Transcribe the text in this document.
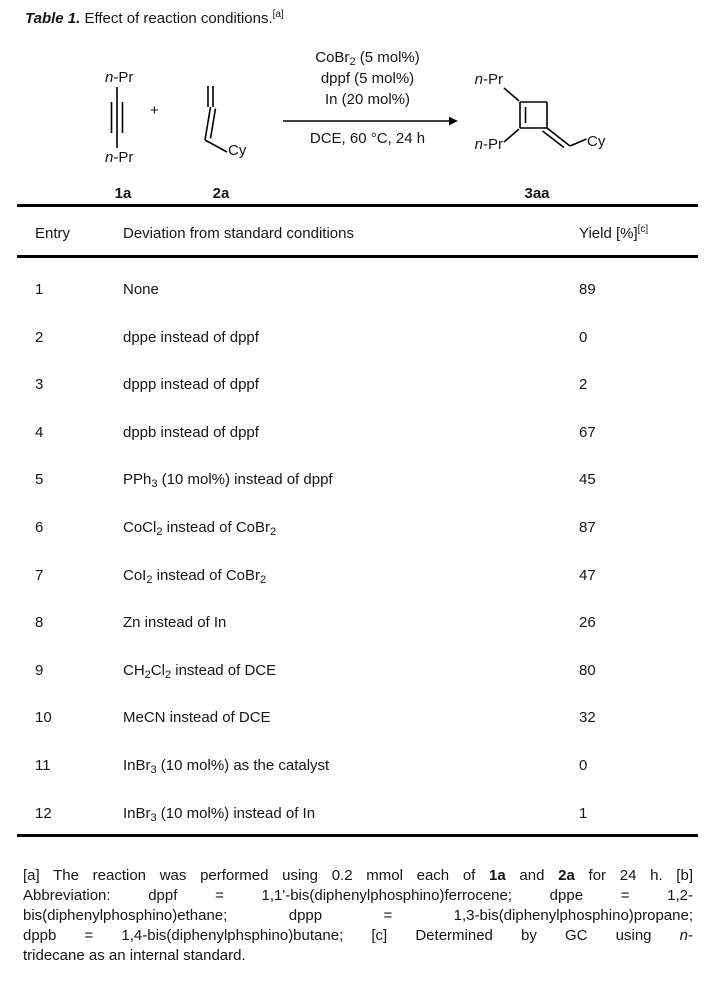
Table 1. Effect of reaction conditions.[a]
n-Pr
n-Pr
1a
+
Cy
2a
CoBr$_2$ (5 mol%)
dppf (5 mol%)
In (20 mol%)
DCE, 60 °C, 24 h
n-Pr
n-Pr	Cy
3aa
Entry	Deviation from standard conditions	Yield [%][c]
1	None	89
2	dppe instead of dppf	0
3	dppp instead of dppf	2
4	dppb instead of dppf	67
5	PPh$_3$ (10 mol%) instead of dppf	45
6	CoCl$_2$ instead of CoBr$_2$	87
7	CoI$_2$ instead of CoBr$_2$	47
8	Zn instead of In	26
9	$CH_2Cl_2$ instead of DCE	80
10	MeCN instead of DCE	32
11	InBr$_3$ (10 mol%) as the catalyst	0
12	InBr$_3$ (10 mol%) instead of In	1
[a] The reaction was performed using 0.2 mmol each of 1a and 2a for 24 h. [b]
Abbreviation: dppf = 1,1'-bis(diphenylphosphino)ferrocene; dppe = 1,2-
bis(diphenylphosphino)ethane; dppp = 1,3-bis(diphenylphosphino)propane;
dppb = 1,4-bis(diphenylphsphino)butane; [c] Determined by GC using n-
tridecane as an internal standard.
